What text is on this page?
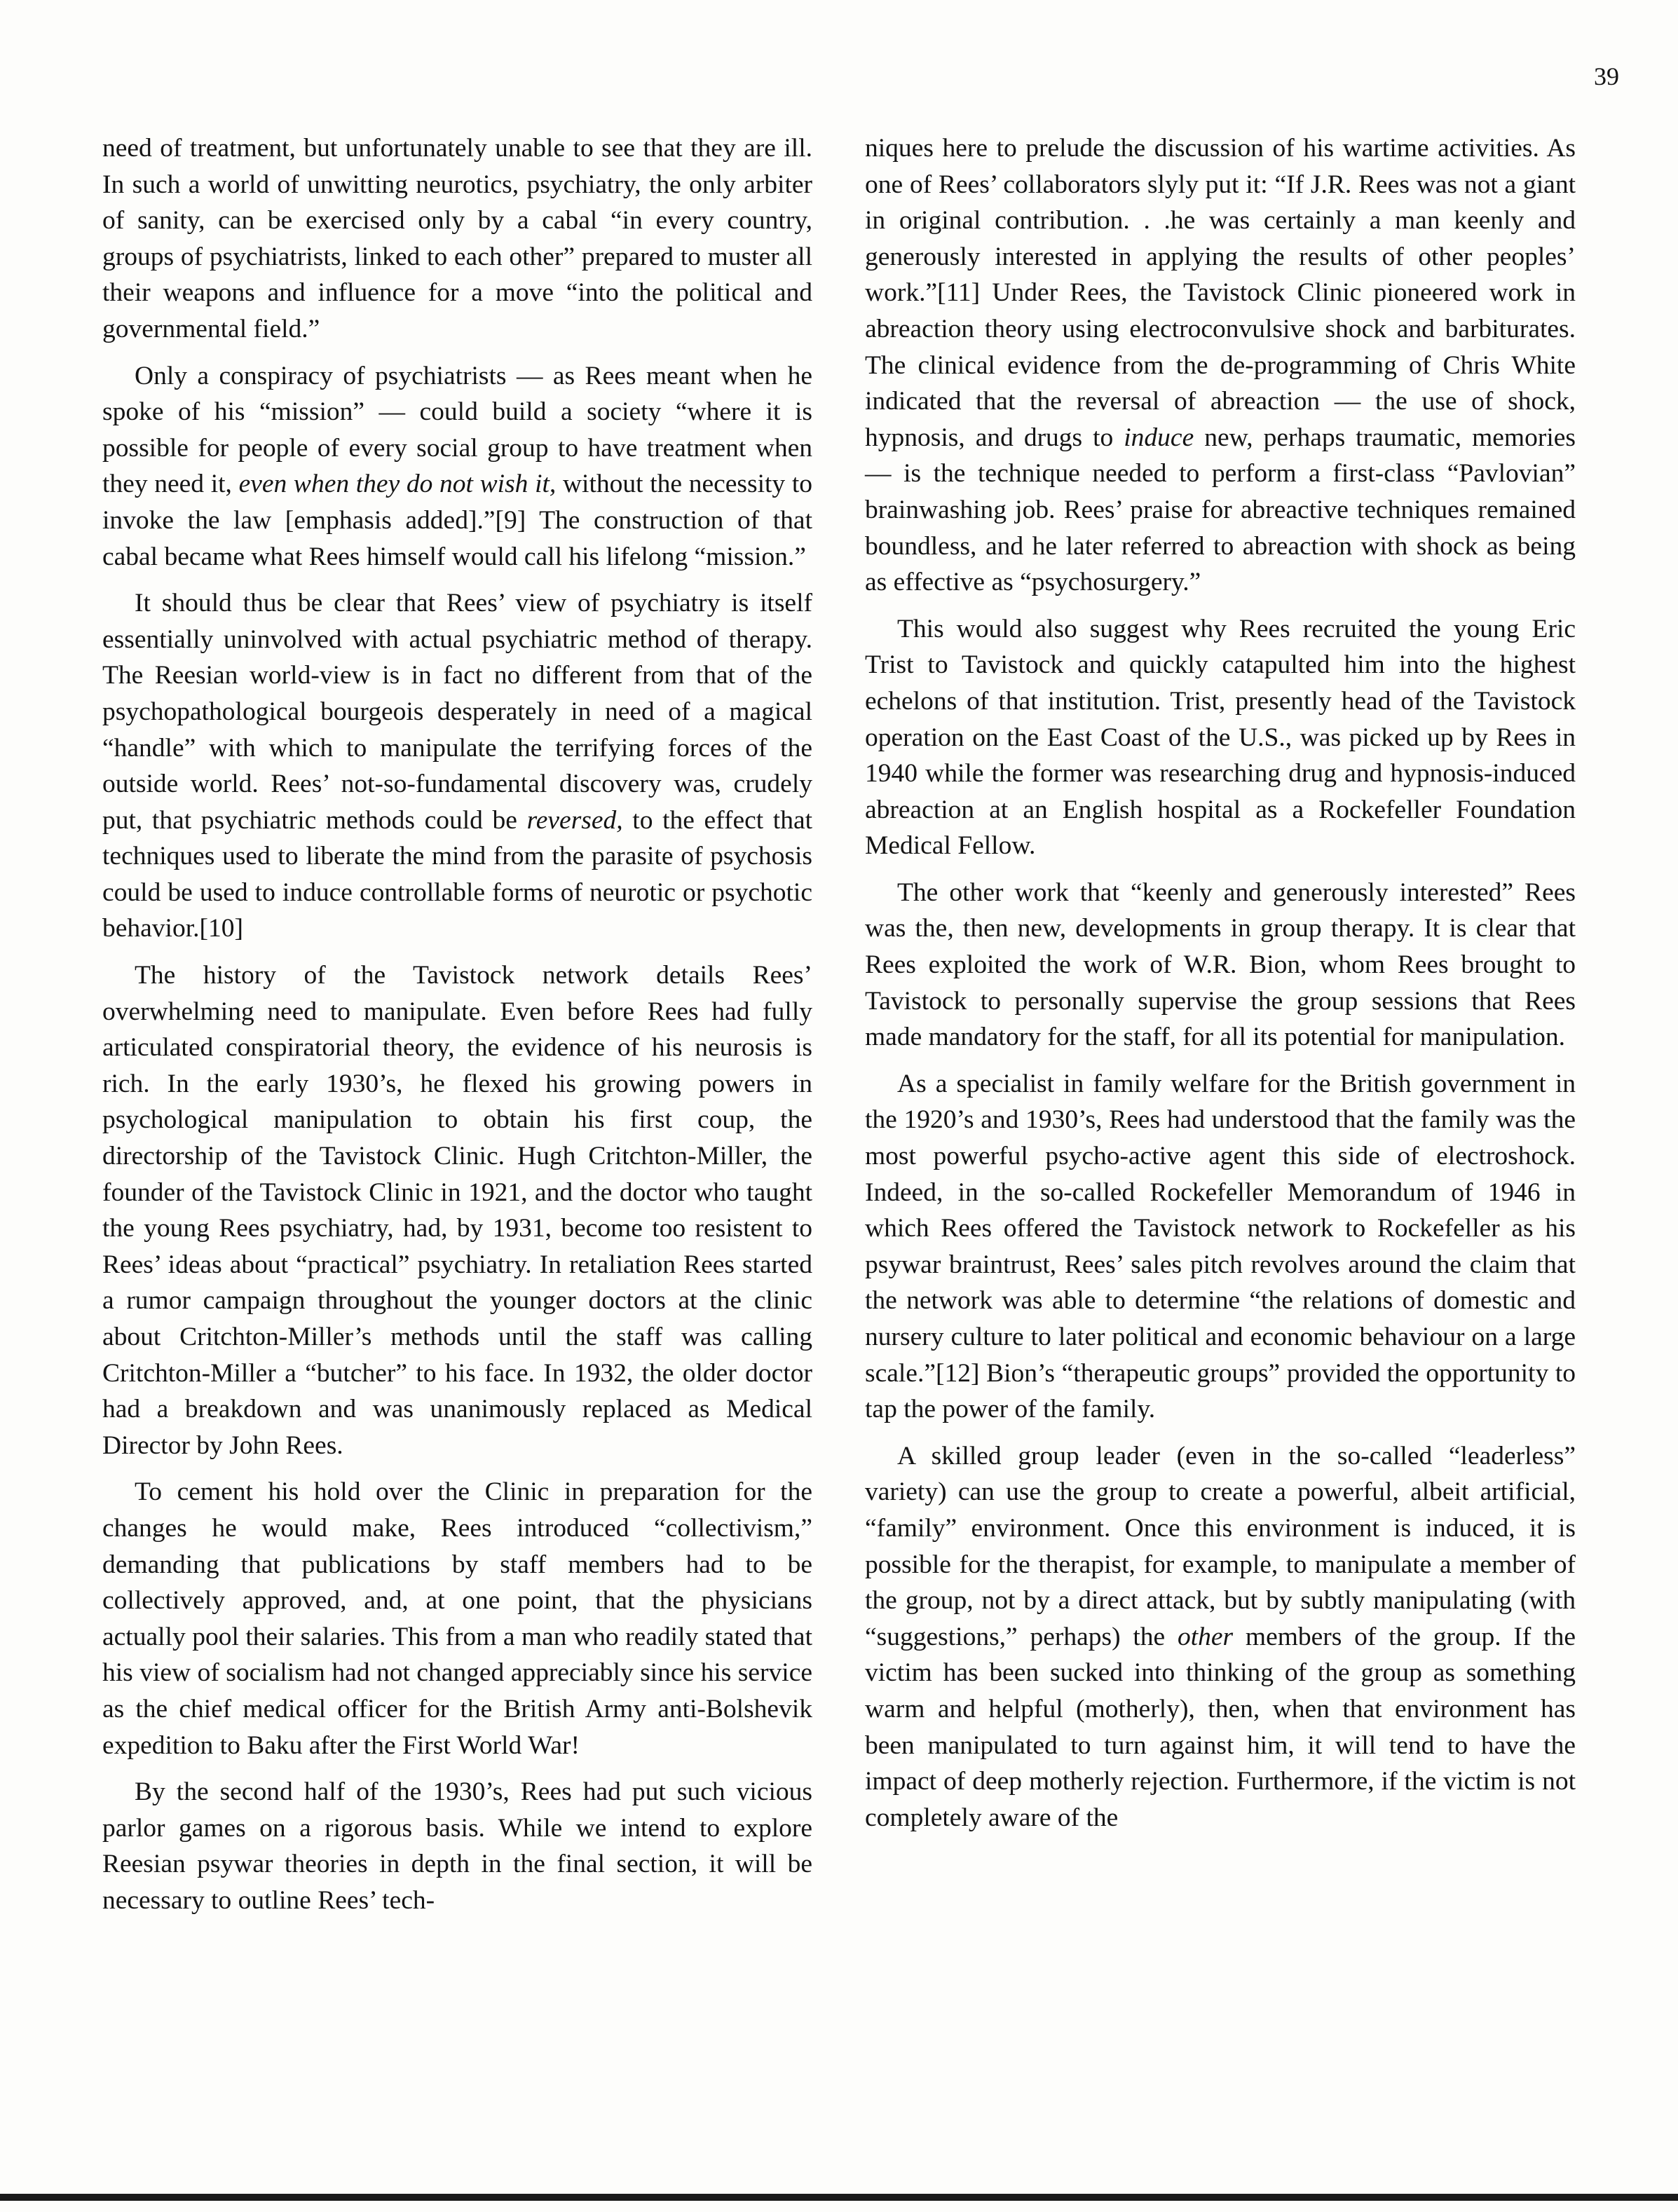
39

need of treatment, but unfortunately unable to see that they are ill. In such a world of unwitting neurotics, psychiatry, the only arbiter of sanity, can be exercised only by a cabal “in every country, groups of psychiatrists, linked to each other” prepared to muster all their weapons and influence for a move “into the political and governmental field.”

Only a conspiracy of psychiatrists — as Rees meant when he spoke of his “mission” — could build a society “where it is possible for people of every social group to have treatment when they need it, even when they do not wish it, without the necessity to invoke the law [emphasis added].”[9] The construction of that cabal became what Rees himself would call his lifelong “mission.”

It should thus be clear that Rees’ view of psychiatry is itself essentially uninvolved with actual psychiatric method of therapy. The Reesian world-view is in fact no different from that of the psychopathological bourgeois desperately in need of a magical “handle” with which to manipulate the terrifying forces of the outside world. Rees’ not-so-fundamental discovery was, crudely put, that psychiatric methods could be reversed, to the effect that techniques used to liberate the mind from the parasite of psychosis could be used to induce controllable forms of neurotic or psychotic behavior.[10]

The history of the Tavistock network details Rees’ overwhelming need to manipulate. Even before Rees had fully articulated conspiratorial theory, the evidence of his neurosis is rich. In the early 1930’s, he flexed his growing powers in psychological manipulation to obtain his first coup, the directorship of the Tavistock Clinic. Hugh Critchton-Miller, the founder of the Tavistock Clinic in 1921, and the doctor who taught the young Rees psychiatry, had, by 1931, become too resistent to Rees’ ideas about “practical” psychiatry. In retaliation Rees started a rumor campaign throughout the younger doctors at the clinic about Critchton-Miller’s methods until the staff was calling Critchton-Miller a “butcher” to his face. In 1932, the older doctor had a breakdown and was unanimously replaced as Medical Director by John Rees.

To cement his hold over the Clinic in preparation for the changes he would make, Rees introduced “collectivism,” demanding that publications by staff members had to be collectively approved, and, at one point, that the physicians actually pool their salaries. This from a man who readily stated that his view of socialism had not changed appreciably since his service as the chief medical officer for the British Army anti-Bolshevik expedition to Baku after the First World War!

By the second half of the 1930’s, Rees had put such vicious parlor games on a rigorous basis. While we intend to explore Reesian psywar theories in depth in the final section, it will be necessary to outline Rees’ tech-

niques here to prelude the discussion of his wartime activities. As one of Rees’ collaborators slyly put it: “If J.R. Rees was not a giant in original contribution. . .he was certainly a man keenly and generously interested in applying the results of other peoples’ work.”[11] Under Rees, the Tavistock Clinic pioneered work in abreaction theory using electroconvulsive shock and barbiturates. The clinical evidence from the de-programming of Chris White indicated that the reversal of abreaction — the use of shock, hypnosis, and drugs to induce new, perhaps traumatic, memories — is the technique needed to perform a first-class “Pavlovian” brainwashing job. Rees’ praise for abreactive techniques remained boundless, and he later referred to abreaction with shock as being as effective as “psychosurgery.”

This would also suggest why Rees recruited the young Eric Trist to Tavistock and quickly catapulted him into the highest echelons of that institution. Trist, presently head of the Tavistock operation on the East Coast of the U.S., was picked up by Rees in 1940 while the former was researching drug and hypnosis-induced abreaction at an English hospital as a Rockefeller Foundation Medical Fellow.

The other work that “keenly and generously interested” Rees was the, then new, developments in group therapy. It is clear that Rees exploited the work of W.R. Bion, whom Rees brought to Tavistock to personally supervise the group sessions that Rees made mandatory for the staff, for all its potential for manipulation.

As a specialist in family welfare for the British government in the 1920’s and 1930’s, Rees had understood that the family was the most powerful psycho-active agent this side of electroshock. Indeed, in the so-called Rockefeller Memorandum of 1946 in which Rees offered the Tavistock network to Rockefeller as his psywar braintrust, Rees’ sales pitch revolves around the claim that the network was able to determine “the relations of domestic and nursery culture to later political and economic behaviour on a large scale.”[12] Bion’s “therapeutic groups” provided the opportunity to tap the power of the family.

A skilled group leader (even in the so-called “leaderless” variety) can use the group to create a powerful, albeit artificial, “family” environment. Once this environment is induced, it is possible for the therapist, for example, to manipulate a member of the group, not by a direct attack, but by subtly manipulating (with “suggestions,” perhaps) the other members of the group. If the victim has been sucked into thinking of the group as something warm and helpful (motherly), then, when that environment has been manipulated to turn against him, it will tend to have the impact of deep motherly rejection. Furthermore, if the victim is not completely aware of the
